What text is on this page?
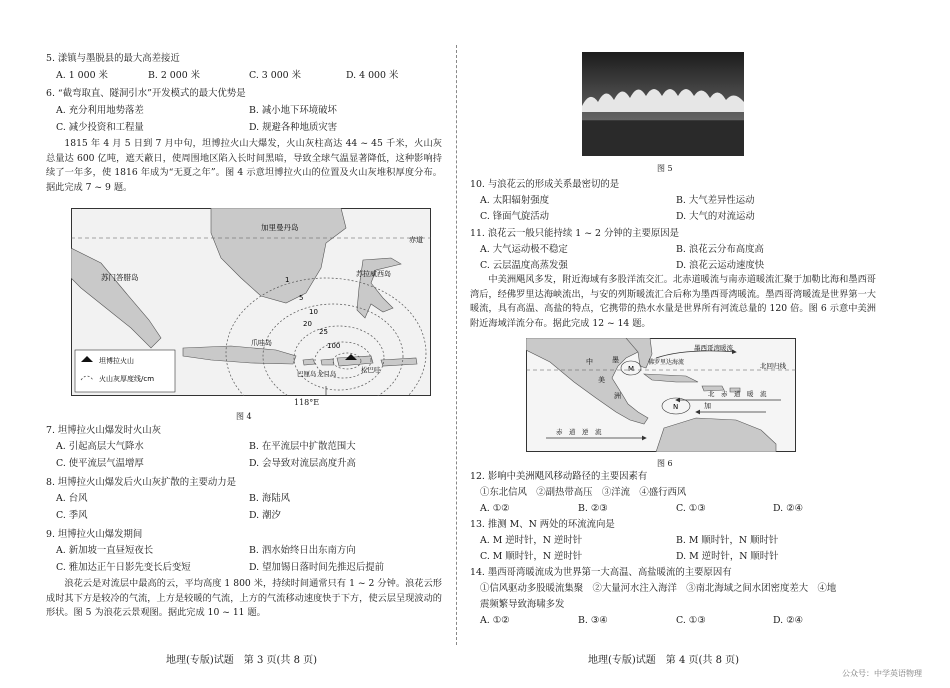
5. 漾镇与墨脱县的最大高差接近
A. 1 000 米	B. 2 000 米	C. 3 000 米	D. 4 000 米
6. “截弯取直、隧洞引水”开发模式的最大优势是
A. 充分利用地势落差	B. 减小地下环境破坏
C. 减少投资和工程量	D. 规避各种地质灾害
1815 年 4 月 5 日到 7 月中旬，坦博拉火山大爆发，火山灰柱高达 44 ~ 45 千米，火山灰总量达 600 亿吨，遮天蔽日，使周围地区陷入长时间黑暗，导致全球气温显著降低，这种影响持续了一年多，使 1816 年成为“无夏之年”。图 4 示意坦博拉火山的位置及火山灰堆积厚度分布。据此完成 7 ~ 9 题。
坦博拉火山
火山灰厚度线/cm
加里曼丹岛
赤道
苏门答腊岛	苏拉威西岛
爪哇岛
巴厘岛 龙目岛	松巴哇
1
5
10
20
25
100
118°E
图 4
7. 坦博拉火山爆发时火山灰
A. 引起高层大气降水	B. 在平流层中扩散范围大
C. 使平流层气温增厚	D. 会导致对流层高度升高
8. 坦博拉火山爆发后火山灰扩散的主要动力是
A. 台风	B. 海陆风
C. 季风	D. 潮汐
9. 坦博拉火山爆发期间
A. 新加坡一直昼短夜长	B. 泗水始终日出东南方向
C. 雅加达正午日影先变长后变短	D. 望加锡日落时间先推迟后提前
浪花云是对流层中最高的云，平均高度 1 800 米，持续时间通常只有 1 ~ 2 分钟。浪花云形成时其下方是较冷的气流，上方是较暖的气流，上方的气流移动速度快于下方，使云层呈现波动的形状。图 5 为浪花云景观图。据此完成 10 ~ 11 题。
地理(专版)试题　第 3 页(共 8 页)
图 5
10. 与浪花云的形成关系最密切的是
A. 太阳辐射强度	B. 大气差异性运动
C. 锋面气旋活动	D. 大气的对流运动
11. 浪花云一般只能持续 1 ~ 2 分钟的主要原因是
A. 大气运动极不稳定	B. 浪花云分布高度高
C. 云层温度高蒸发强	D. 浪花云运动速度快
中美洲飓风多发，附近海域有多股洋流交汇。北赤道暖流与南赤道暖流汇聚于加勒比海和墨西哥湾后，经佛罗里达海峡流出，与安的列斯暖流汇合后称为墨西哥湾暖流。墨西哥湾暖流是世界第一大暖流，具有高温、高盐的特点，它携带的热水水量是世界所有河流总量的 120 倍。图 6 示意中美洲附近海域洋流分布。据此完成 12 ~ 14 题。
墨西哥湾暖流
佛罗里达海流	北回归线
M
N
墨
加
北　赤　道　暖　流
赤　道　逆　流
中
美
洲
图 6
12. 影响中美洲飓风移动路径的主要因素有
①东北信风　②副热带高压　③洋流　④盛行西风
A. ①②	B. ②③	C. ①③	D. ②④
13. 推测 M、N 两处的环流流向是
A. M 逆时针，N 逆时针	B. M 顺时针，N 顺时针
C. M 顺时针，N 逆时针	D. M 逆时针，N 顺时针
14. 墨西哥湾暖流成为世界第一大高温、高盐暖流的主要原因有
①信风驱动多股暖流集聚　②大量河水注入海洋　③南北海域之间水团密度差大　④地
震频繁导致海啸多发
A. ①②	B. ③④	C. ①③	D. ②④
地理(专版)试题　第 4 页(共 8 页)
公众号：中学英语物理
